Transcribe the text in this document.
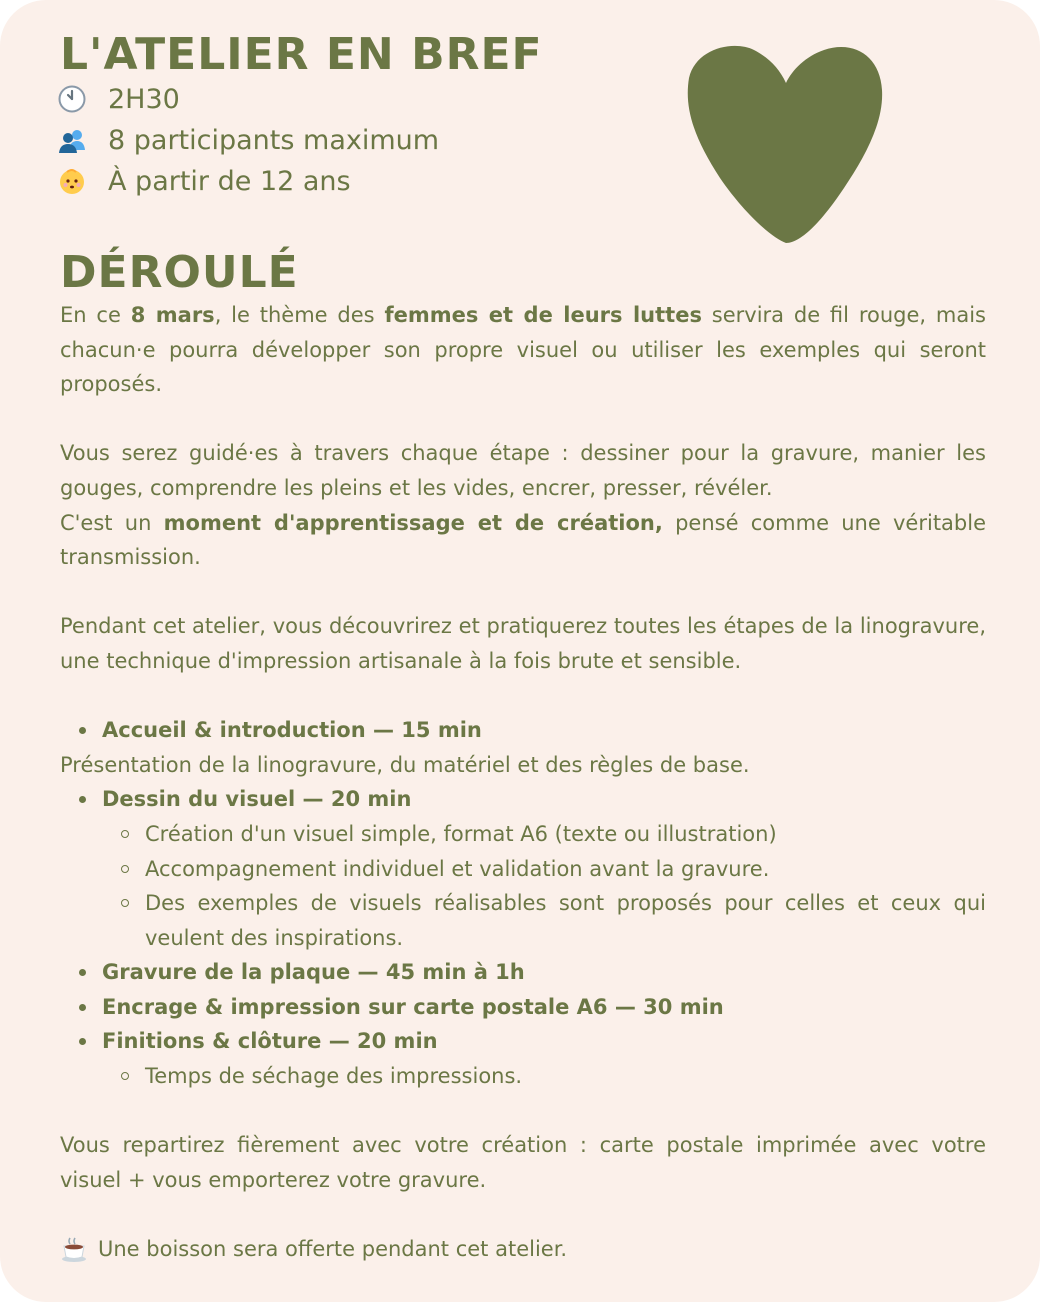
L'ATELIER EN BREF
2H30
8 participants maximum
À partir de 12 ans
DÉROULÉ

En ce 8 mars, le thème des femmes et de leurs luttes servira de fil rouge, mais chacun·e pourra développer son propre visuel ou utiliser les exemples qui seront proposés.

Vous serez guidé·es à travers chaque étape : dessiner pour la gravure, manier les gouges, comprendre les pleins et les vides, encrer, presser, révéler.

C'est un moment d'apprentissage et de création, pensé comme une véritable transmission.

Pendant cet atelier, vous découvrirez et pratiquerez toutes les étapes de la linogravure, une technique d'impression artisanale à la fois brute et sensible.

Accueil & introduction — 15 min

Présentation de la linogravure, du matériel et des règles de base.

Dessin du visuel — 20 min
Création d'un visuel simple, format A6 (texte ou illustration)
Accompagnement individuel et validation avant la gravure.
Des exemples de visuels réalisables sont proposés pour celles et ceux qui veulent des inspirations.
Gravure de la plaque — 45 min à 1h
Encrage & impression sur carte postale A6 — 30 min
Finitions & clôture — 20 min
Temps de séchage des impressions.

Vous repartirez fièrement avec votre création : carte postale imprimée avec votre visuel + vous emporterez votre gravure.

Une boisson sera offerte pendant cet atelier.
